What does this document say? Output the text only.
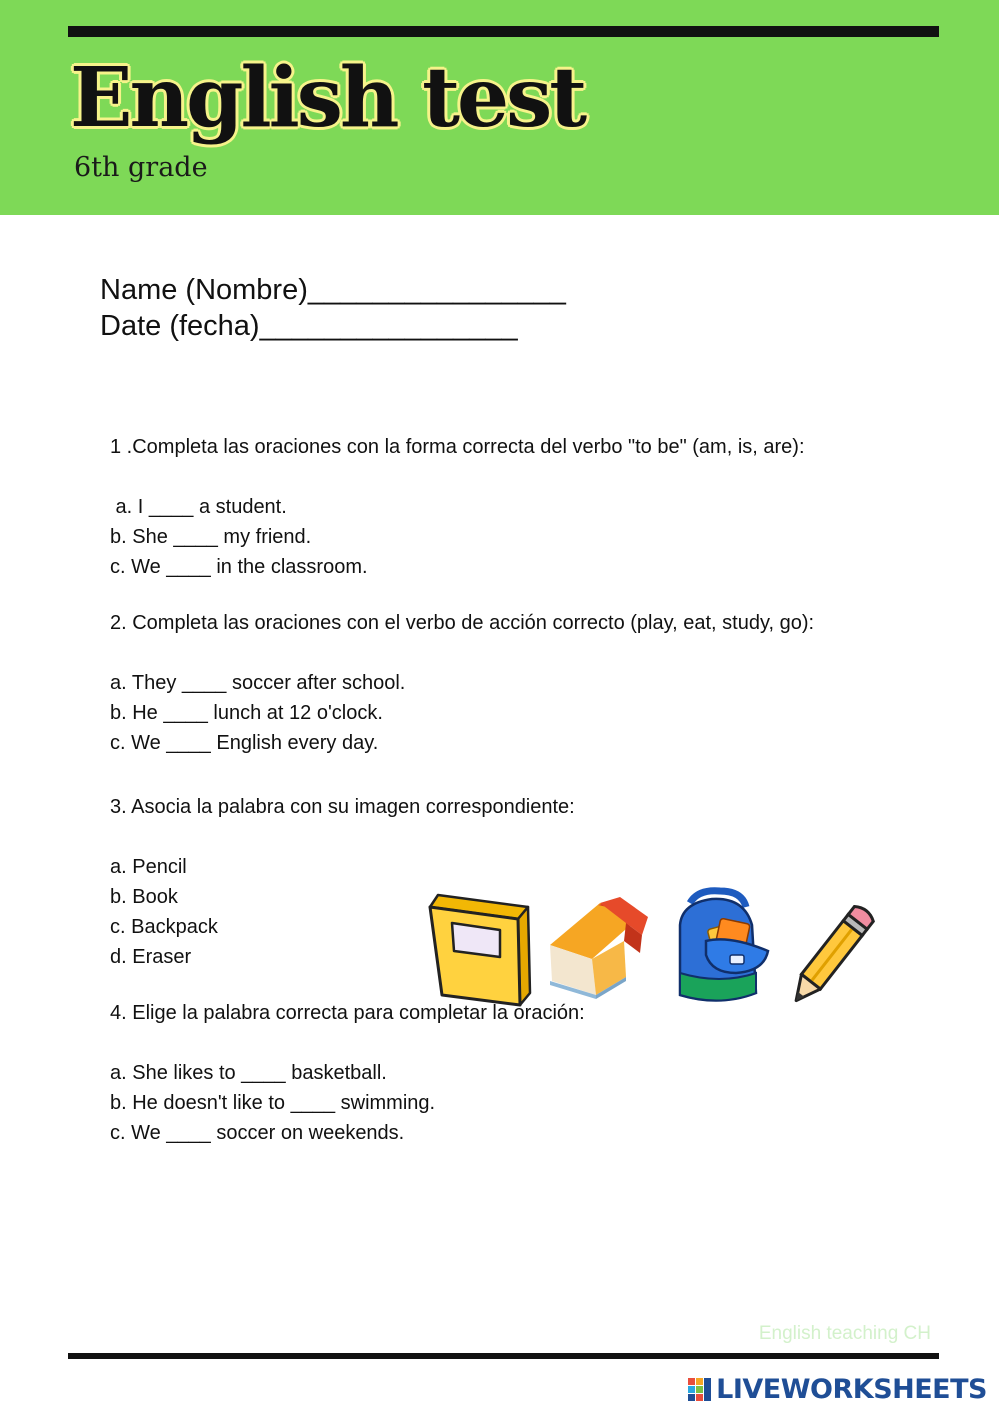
English test
6th grade
Name (Nombre)________________
Date (fecha)________________

1 .Completa las oraciones con la forma correcta del verbo "to be" (am, is, are):

a. I ____ a student.
b. She ____ my friend.
c. We ____ in the classroom.

2. Completa las oraciones con el verbo de acción correcto (play, eat, study, go):

a. They ____ soccer after school.
b. He ____ lunch at 12 o'clock.
c. We ____ English every day.

3. Asocia la palabra con su imagen correspondiente:

a. Pencil
b. Book
c. Backpack
d. Eraser

4. Elige la palabra correcta para completar la oración:

a. She likes to ____ basketball.
b. He doesn't like to ____ swimming.
c. We ____ soccer on weekends.
English teaching CH
LIVEWORKSHEETS
